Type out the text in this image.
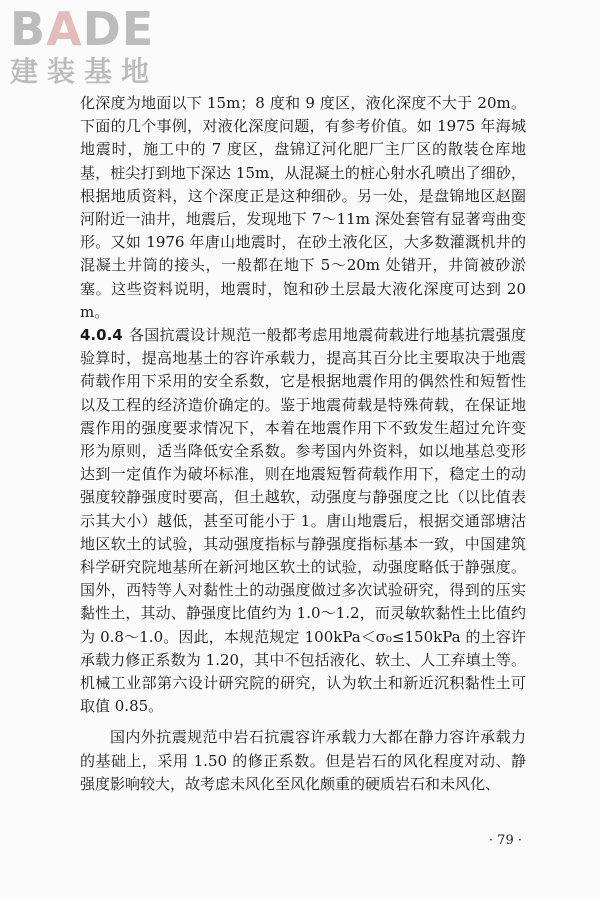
BADE
建装基地

化深度为地面以下 15m；8 度和 9 度区，液化深度不大于 20m。下面的几个事例，对液化深度问题，有参考价值。如 1975 年海城地震时，施工中的 7 度区，盘锦辽河化肥厂主厂区的散装仓库地基，桩尖打到地下深达 15m，从混凝土的桩心射水孔喷出了细砂，根据地质资料，这个深度正是这种细砂。另一处，是盘锦地区赵圈河附近一油井，地震后，发现地下 7～11m 深处套管有显著弯曲变形。又如 1976 年唐山地震时，在砂土液化区，大多数灌溉机井的混凝土井筒的接头，一般都在地下 5～20m 处错开，井筒被砂淤塞。这些资料说明，地震时，饱和砂土层最大液化深度可达到 20m。

4.0.4 各国抗震设计规范一般都考虑用地震荷载进行地基抗震强度验算时，提高地基土的容许承载力，提高其百分比主要取决于地震荷载作用下采用的安全系数，它是根据地震作用的偶然性和短暂性以及工程的经济造价确定的。鉴于地震荷载是特殊荷载，在保证地震作用的强度要求情况下，本着在地震作用下不致发生超过允许变形为原则，适当降低安全系数。参考国内外资料，如以地基总变形达到一定值作为破坏标准，则在地震短暂荷载作用下，稳定土的动强度较静强度时要高，但土越软，动强度与静强度之比（以比值表示其大小）越低，甚至可能小于 1。唐山地震后，根据交通部塘沽地区软土的试验，其动强度指标与静强度指标基本一致，中国建筑科学研究院地基所在新河地区软土的试验，动强度略低于静强度。国外，西特等人对黏性土的动强度做过多次试验研究，得到的压实黏性土，其动、静强度比值约为 1.0～1.2，而灵敏软黏性土比值约为 0.8～1.0。因此，本规范规定 100kPa＜σ₀≤150kPa 的土容许承载力修正系数为 1.20，其中不包括液化、软土、人工弃填土等。机械工业部第六设计研究院的研究，认为软土和新近沉积黏性土可取值 0.85。

国内外抗震规范中岩石抗震容许承载力大都在静力容许承载力的基础上，采用 1.50 的修正系数。但是岩石的风化程度对动、静强度影响较大，故考虑未风化至风化颇重的硬质岩石和未风化、

· 79 ·
